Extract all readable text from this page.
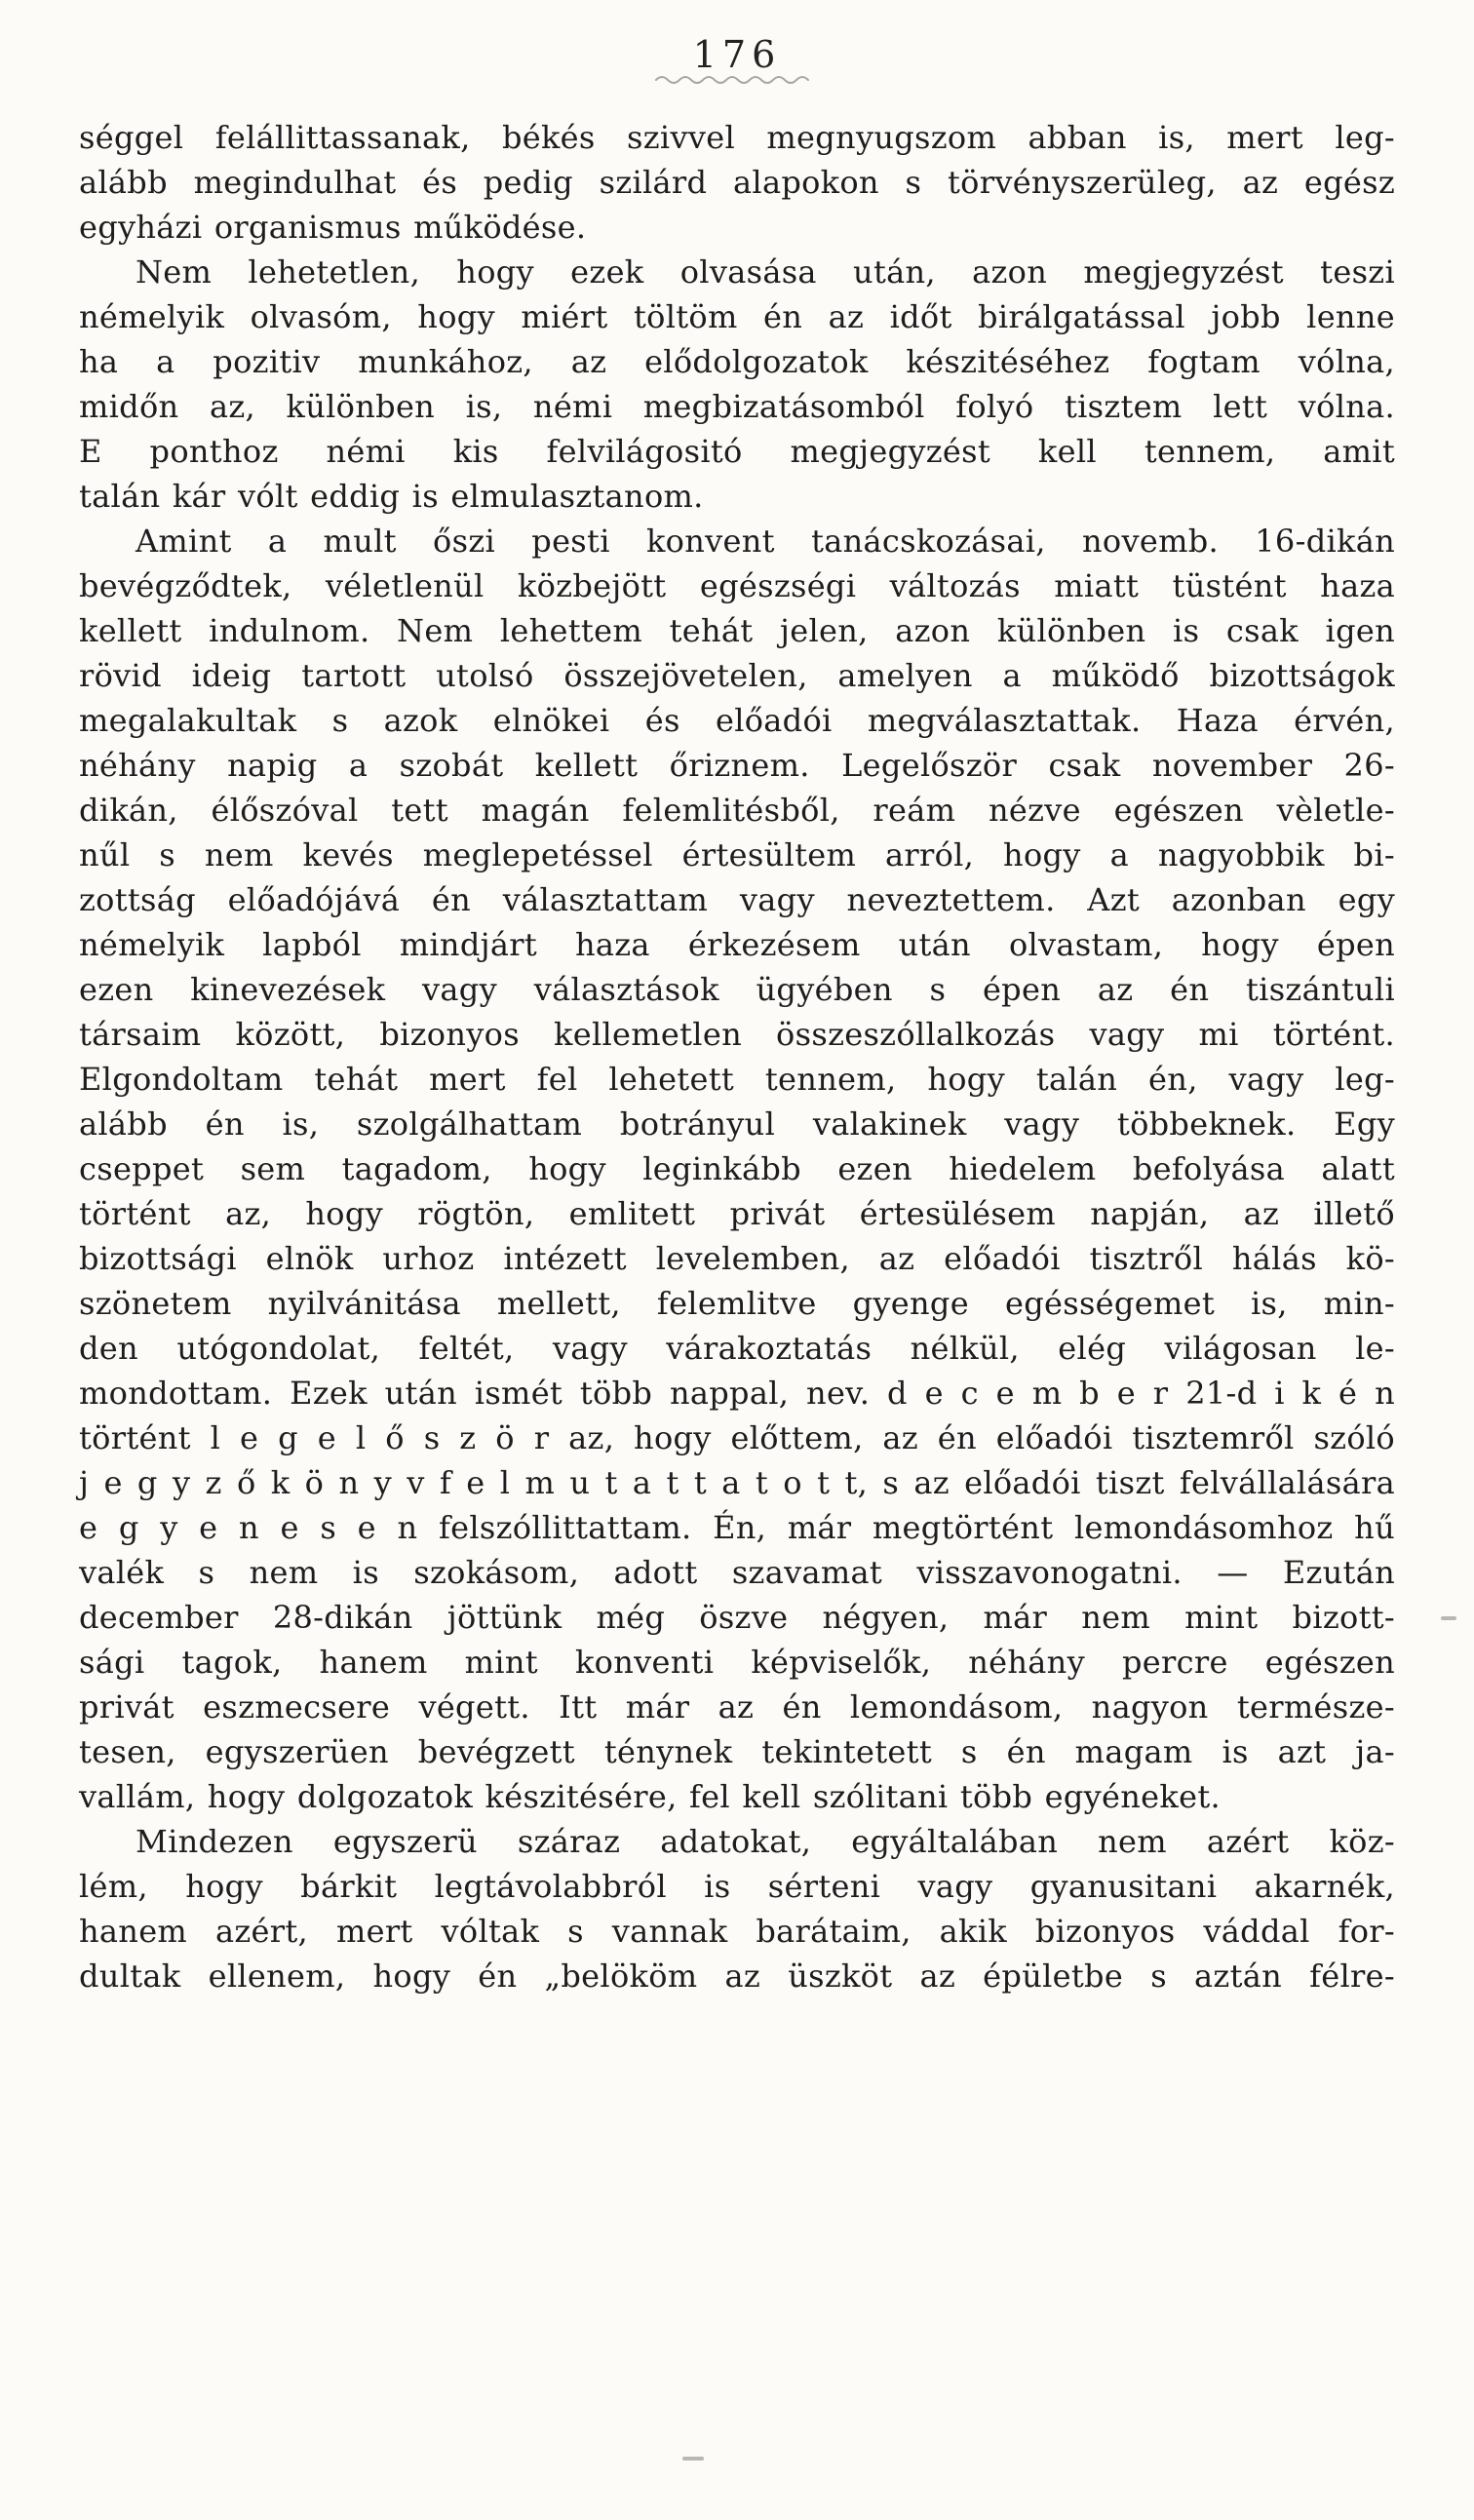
176
séggel felállittassanak, békés szivvel megnyugszom abban is, mert leg-
alább megindulhat és pedig szilárd alapokon s törvényszerüleg, az egész
egyházi organismus működése.
Nem lehetetlen, hogy ezek olvasása után, azon megjegyzést teszi
némelyik olvasóm, hogy miért töltöm én az időt birálgatással jobb lenne
ha a pozitiv munkához, az elődolgozatok készitéséhez fogtam vólna,
midőn az, különben is, némi megbizatásomból folyó tisztem lett vólna.
E ponthoz némi kis felvilágositó megjegyzést kell tennem, amit
talán kár vólt eddig is elmulasztanom.
Amint a mult őszi pesti konvent tanácskozásai, novemb. 16-dikán
bevégződtek, véletlenül közbejött egészségi változás miatt tüstént haza
kellett indulnom. Nem lehettem tehát jelen, azon különben is csak igen
rövid ideig tartott utolsó összejövetelen, amelyen a működő bizottságok
megalakultak s azok elnökei és előadói megválasztattak. Haza érvén,
néhány napig a szobát kellett őriznem. Legelőször csak november 26-
dikán, élőszóval tett magán felemlitésből, reám nézve egészen vèletle-
nűl s nem kevés meglepetéssel értesültem arról, hogy a nagyobbik bi-
zottság előadójává én választattam vagy neveztettem. Azt azonban egy
némelyik lapból mindjárt haza érkezésem után olvastam, hogy épen
ezen kinevezések vagy választások ügyében s épen az én tiszántuli
társaim között, bizonyos kellemetlen összeszóllalkozás vagy mi történt.
Elgondoltam tehát mert fel lehetett tennem, hogy talán én, vagy leg-
alább én is, szolgálhattam botrányul valakinek vagy többeknek. Egy
cseppet sem tagadom, hogy leginkább ezen hiedelem befolyása alatt
történt az, hogy rögtön, emlitett privát értesülésem napján, az illető
bizottsági elnök urhoz intézett levelemben, az előadói tisztről hálás kö-
szönetem nyilvánitása mellett, felemlitve gyenge egésségemet is, min-
den utógondolat, feltét, vagy várakoztatás nélkül, elég világosan le-
mondottam. Ezek után ismét több nappal, nev. d e c e m b e r 21-d i k é n
történt l e g e l ő s z ö r az, hogy előttem, az én előadói tisztemről szóló
j e g y z ő k ö n y v f e l m u t a t t a t o t t, s az előadói tiszt felvállalására
e g y e n e s e n felszóllittattam. Én, már megtörtént lemondásomhoz hű
valék s nem is szokásom, adott szavamat visszavonogatni. — Ezután
december 28-dikán jöttünk még öszve négyen, már nem mint bizott-
sági tagok, hanem mint konventi képviselők, néhány percre egészen
privát eszmecsere végett. Itt már az én lemondásom, nagyon természe-
tesen, egyszerüen bevégzett ténynek tekintetett s én magam is azt ja-
vallám, hogy dolgozatok készitésére, fel kell szólitani több egyéneket.
Mindezen egyszerü száraz adatokat, egyáltalában nem azért köz-
lém, hogy bárkit legtávolabbról is sérteni vagy gyanusitani akarnék,
hanem azért, mert vóltak s vannak barátaim, akik bizonyos váddal for-
dultak ellenem, hogy én „belököm az üszköt az épületbe s aztán félre-
